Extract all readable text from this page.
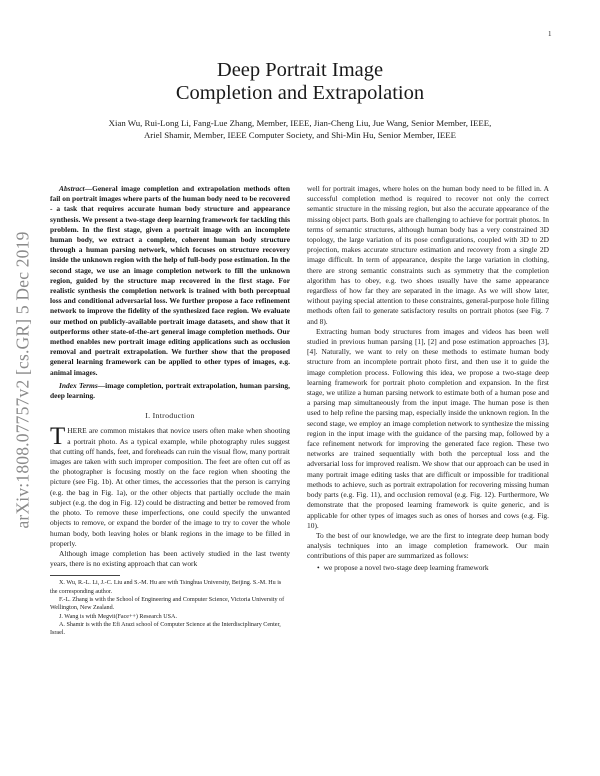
1
arXiv:1808.07757v2 [cs.GR] 5 Dec 2019
Deep Portrait Image
Completion and Extrapolation
Xian Wu, Rui-Long Li, Fang-Lue Zhang, Member, IEEE, Jian-Cheng Liu, Jue Wang, Senior Member, IEEE,
Ariel Shamir, Member, IEEE Computer Society, and Shi-Min Hu, Senior Member, IEEE

Abstract—General image completion and extrapolation methods often fail on portrait images where parts of the human body need to be recovered - a task that requires accurate human body structure and appearance synthesis. We present a two-stage deep learning framework for tackling this problem. In the first stage, given a portrait image with an incomplete human body, we extract a complete, coherent human body structure through a human parsing network, which focuses on structure recovery inside the unknown region with the help of full-body pose estimation. In the second stage, we use an image completion network to fill the unknown region, guided by the structure map recovered in the first stage. For realistic synthesis the completion network is trained with both perceptual loss and conditional adversarial loss. We further propose a face refinement network to improve the fidelity of the synthesized face region. We evaluate our method on publicly-available portrait image datasets, and show that it outperforms other state-of-the-art general image completion methods. Our method enables new portrait image editing applications such as occlusion removal and portrait extrapolation. We further show that the proposed general learning framework can be applied to other types of images, e.g. animal images.

Index Terms—image completion, portrait extrapolation, human parsing, deep learning.

I. Introduction

THERE are common mistakes that novice users often make when shooting a portrait photo. As a typical example, while photography rules suggest that cutting off hands, feet, and foreheads can ruin the visual flow, many portrait images are taken with such improper composition. The feet are often cut off as the photographer is focusing mostly on the face region when shooting the picture (see Fig. 1b). At other times, the accessories that the person is carrying (e.g. the bag in Fig. 1a), or the other objects that partially occlude the main subject (e.g. the dog in Fig. 12) could be distracting and better be removed from the photo. To remove these imperfections, one could specify the unwanted objects to remove, or expand the border of the image to try to cover the whole human body, both leaving holes or blank regions in the image to be filled in properly.

Although image completion has been actively studied in the last twenty years, there is no existing approach that can work

X. Wu, R.-L. Li, J.-C. Liu and S.-M. Hu are with Tsinghua University, Beijing. S.-M. Hu is the corresponding author.

F.-L. Zhang is with the School of Engineering and Computer Science, Victoria University of Wellington, New Zealand.

J. Wang is with Megvii(Face++) Research USA.

A. Shamir is with the Efi Arazi school of Computer Science at the Interdisciplinary Center, Israel.

well for portrait images, where holes on the human body need to be filled in. A successful completion method is required to recover not only the correct semantic structure in the missing region, but also the accurate appearance of the missing object parts. Both goals are challenging to achieve for portrait photos. In terms of semantic structures, although human body has a very constrained 3D topology, the large variation of its pose configurations, coupled with 3D to 2D projection, makes accurate structure estimation and recovery from a single 2D image difficult. In term of appearance, despite the large variation in clothing, there are strong semantic constraints such as symmetry that the completion algorithm has to obey, e.g. two shoes usually have the same appearance regardless of how far they are separated in the image. As we will show later, without paying special attention to these constraints, general-purpose hole filling methods often fail to generate satisfactory results on portrait photos (see Fig. 7 and 8).

Extracting human body structures from images and videos has been well studied in previous human parsing [1], [2] and pose estimation approaches [3], [4]. Naturally, we want to rely on these methods to estimate human body structure from an incomplete portrait photo first, and then use it to guide the image completion process. Following this idea, we propose a two-stage deep learning framework for portrait photo completion and expansion. In the first stage, we utilize a human parsing network to estimate both of a human pose and a parsing map simultaneously from the input image. The human pose is then used to help refine the parsing map, especially inside the unknown region. In the second stage, we employ an image completion network to synthesize the missing region in the input image with the guidance of the parsing map, followed by a face refinement network for improving the generated face region. These two networks are trained sequentially with both the perceptual loss and the adversarial loss for improved realism. We show that our approach can be used in many portrait image editing tasks that are difficult or impossible for traditional methods to achieve, such as portrait extrapolation for recovering missing human body parts (e.g. Fig. 11), and occlusion removal (e.g. Fig. 12). Furthermore, We demonstrate that the proposed learning framework is quite generic, and is applicable for other types of images such as ones of horses and cows (e.g. Fig. 10).

To the best of our knowledge, we are the first to integrate deep human body analysis techniques into an image completion framework. Our main contributions of this paper are summarized as follows:

• we propose a novel two-stage deep learning framework
